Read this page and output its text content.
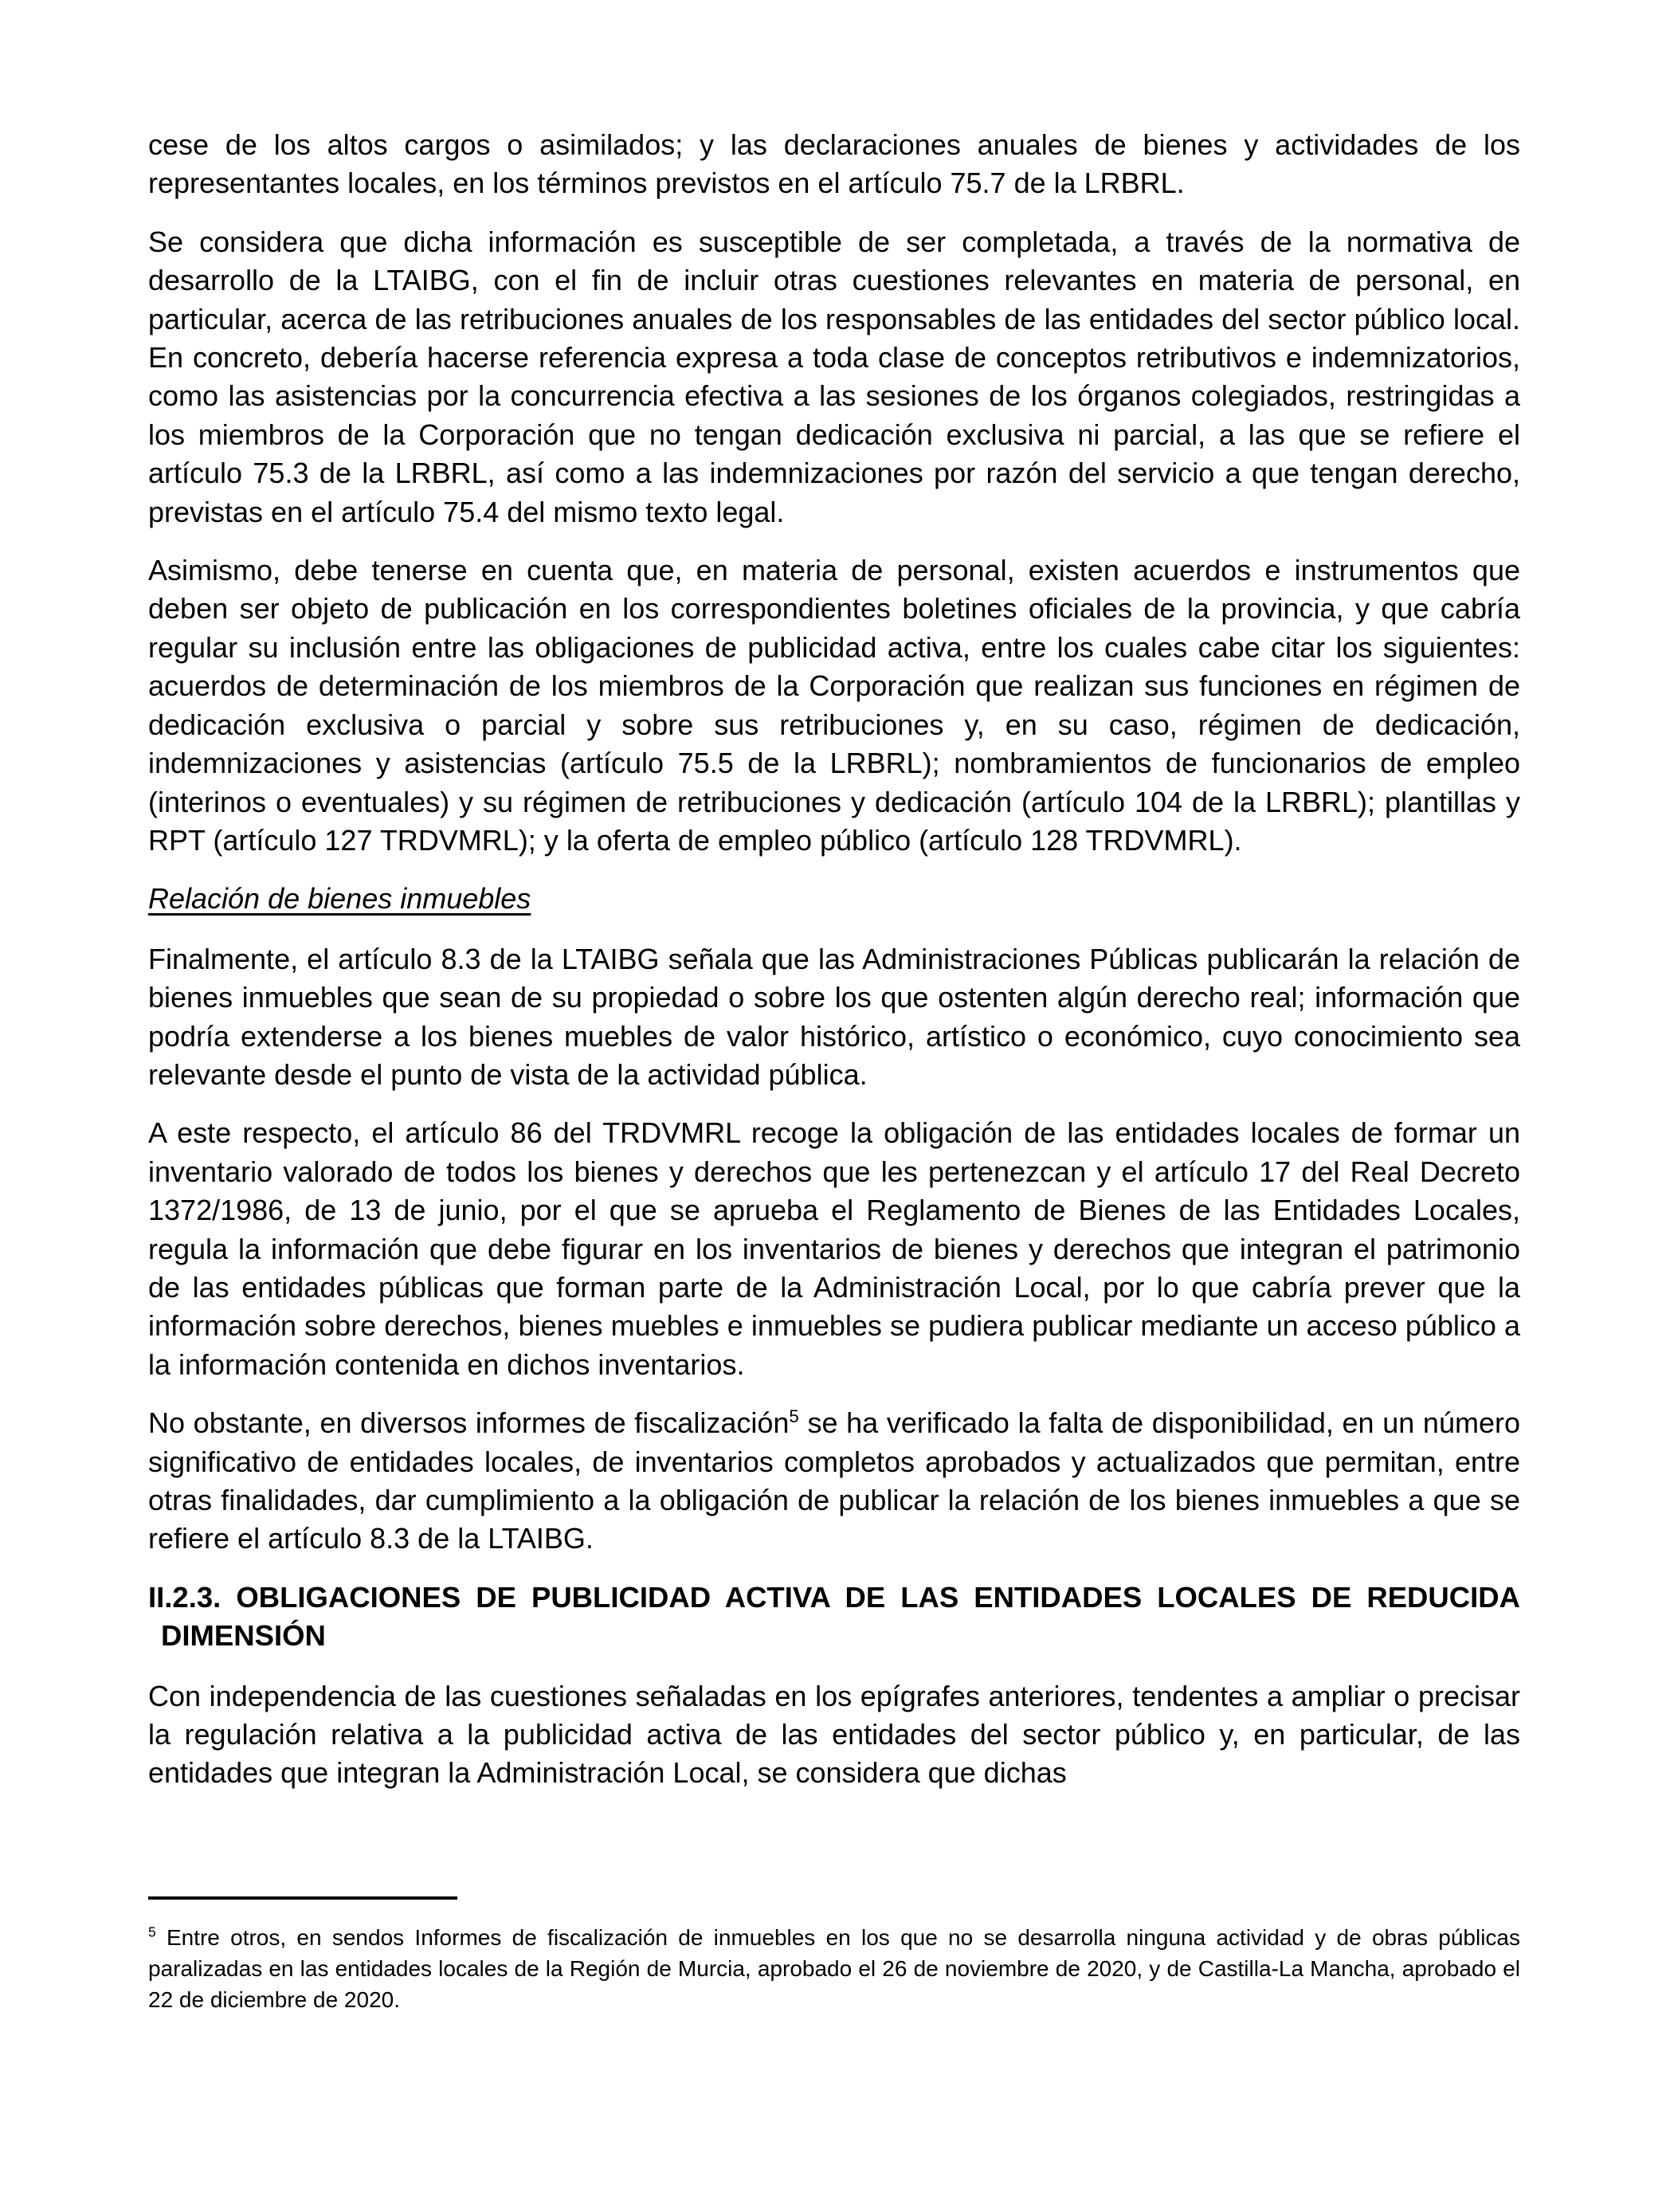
cese de los altos cargos o asimilados; y las declaraciones anuales de bienes y actividades de los representantes locales, en los términos previstos en el artículo 75.7 de la LRBRL.

Se considera que dicha información es susceptible de ser completada, a través de la normativa de desarrollo de la LTAIBG, con el fin de incluir otras cuestiones relevantes en materia de personal, en particular, acerca de las retribuciones anuales de los responsables de las entidades del sector público local. En concreto, debería hacerse referencia expresa a toda clase de conceptos retributivos e indemnizatorios, como las asistencias por la concurrencia efectiva a las sesiones de los órganos colegiados, restringidas a los miembros de la Corporación que no tengan dedicación exclusiva ni parcial, a las que se refiere el artículo 75.3 de la LRBRL, así como a las indemnizaciones por razón del servicio a que tengan derecho, previstas en el artículo 75.4 del mismo texto legal.

Asimismo, debe tenerse en cuenta que, en materia de personal, existen acuerdos e instrumentos que deben ser objeto de publicación en los correspondientes boletines oficiales de la provincia, y que cabría regular su inclusión entre las obligaciones de publicidad activa, entre los cuales cabe citar los siguientes: acuerdos de determinación de los miembros de la Corporación que realizan sus funciones en régimen de dedicación exclusiva o parcial y sobre sus retribuciones y, en su caso, régimen de dedicación, indemnizaciones y asistencias (artículo 75.5 de la LRBRL); nombramientos de funcionarios de empleo (interinos o eventuales) y su régimen de retribuciones y dedicación (artículo 104 de la LRBRL); plantillas y RPT (artículo 127 TRDVMRL); y la oferta de empleo público (artículo 128 TRDVMRL).

Relación de bienes inmuebles

Finalmente, el artículo 8.3 de la LTAIBG señala que las Administraciones Públicas publicarán la relación de bienes inmuebles que sean de su propiedad o sobre los que ostenten algún derecho real; información que podría extenderse a los bienes muebles de valor histórico, artístico o económico, cuyo conocimiento sea relevante desde el punto de vista de la actividad pública.

A este respecto, el artículo 86 del TRDVMRL recoge la obligación de las entidades locales de formar un inventario valorado de todos los bienes y derechos que les pertenezcan y el artículo 17 del Real Decreto 1372/1986, de 13 de junio, por el que se aprueba el Reglamento de Bienes de las Entidades Locales, regula la información que debe figurar en los inventarios de bienes y derechos que integran el patrimonio de las entidades públicas que forman parte de la Administración Local, por lo que cabría prever que la información sobre derechos, bienes muebles e inmuebles se pudiera publicar mediante un acceso público a la información contenida en dichos inventarios.

No obstante, en diversos informes de fiscalización$^5$ se ha verificado la falta de disponibilidad, en un número significativo de entidades locales, de inventarios completos aprobados y actualizados que permitan, entre otras finalidades, dar cumplimiento a la obligación de publicar la relación de los bienes inmuebles a que se refiere el artículo 8.3 de la LTAIBG.

II.2.3. OBLIGACIONES DE PUBLICIDAD ACTIVA DE LAS ENTIDADES LOCALES DE REDUCIDA DIMENSIÓN

Con independencia de las cuestiones señaladas en los epígrafes anteriores, tendentes a ampliar o precisar la regulación relativa a la publicidad activa de las entidades del sector público y, en particular, de las entidades que integran la Administración Local, se considera que dichas

$^5$ Entre otros, en sendos Informes de fiscalización de inmuebles en los que no se desarrolla ninguna actividad y de obras públicas paralizadas en las entidades locales de la Región de Murcia, aprobado el 26 de noviembre de 2020, y de Castilla-La Mancha, aprobado el 22 de diciembre de 2020.
